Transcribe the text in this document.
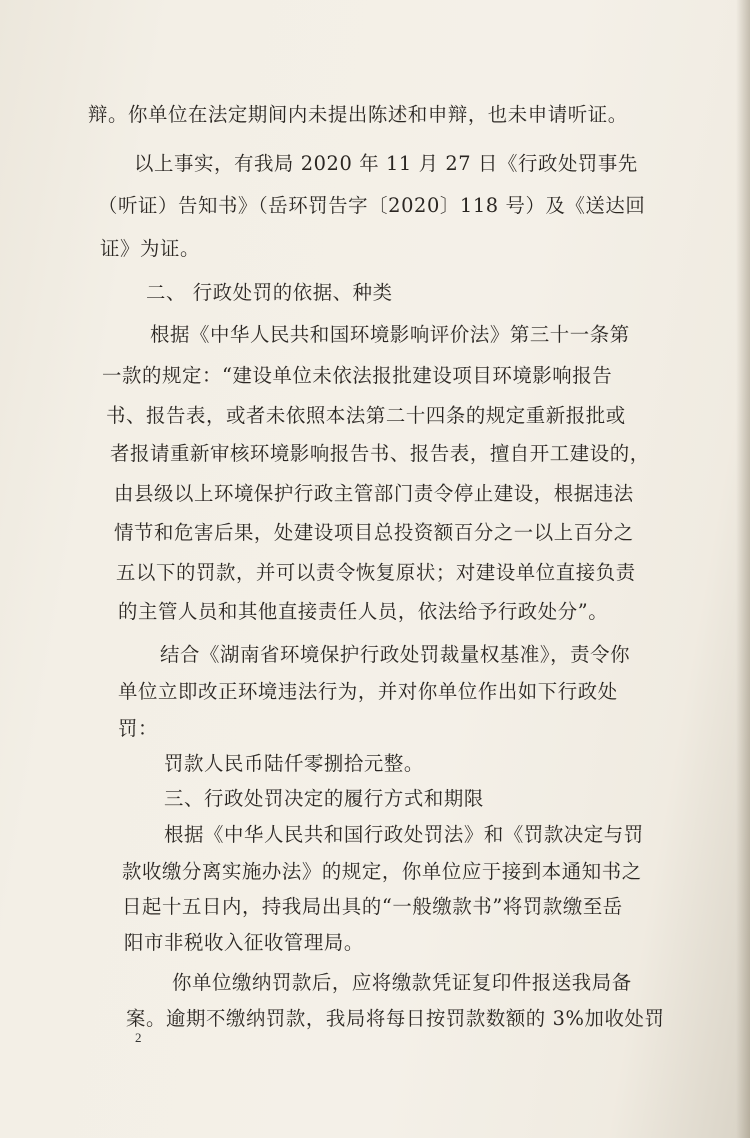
辩。你单位在法定期间内未提出陈述和申辩，也未申请听证。

以上事实，有我局 2020 年 11 月 27 日《行政处罚事先

（听证）告知书》（岳环罚告字〔2020〕118 号）及《送达回

证》为证。

二、 行政处罚的依据、种类

根据《中华人民共和国环境影响评价法》第三十一条第

一款的规定：“建设单位未依法报批建设项目环境影响报告

书、报告表，或者未依照本法第二十四条的规定重新报批或

者报请重新审核环境影响报告书、报告表，擅自开工建设的，

由县级以上环境保护行政主管部门责令停止建设，根据违法

情节和危害后果，处建设项目总投资额百分之一以上百分之

五以下的罚款，并可以责令恢复原状；对建设单位直接负责

的主管人员和其他直接责任人员，依法给予行政处分”。

结合《湖南省环境保护行政处罚裁量权基准》，责令你

单位立即改正环境违法行为，并对你单位作出如下行政处

罚：

罚款人民币陆仟零捌拾元整。

三、行政处罚决定的履行方式和期限

根据《中华人民共和国行政处罚法》和《罚款决定与罚

款收缴分离实施办法》的规定，你单位应于接到本通知书之

日起十五日内，持我局出具的“一般缴款书”将罚款缴至岳

阳市非税收入征收管理局。

你单位缴纳罚款后，应将缴款凭证复印件报送我局备

案。逾期不缴纳罚款，我局将每日按罚款数额的 3%加收处罚

2
